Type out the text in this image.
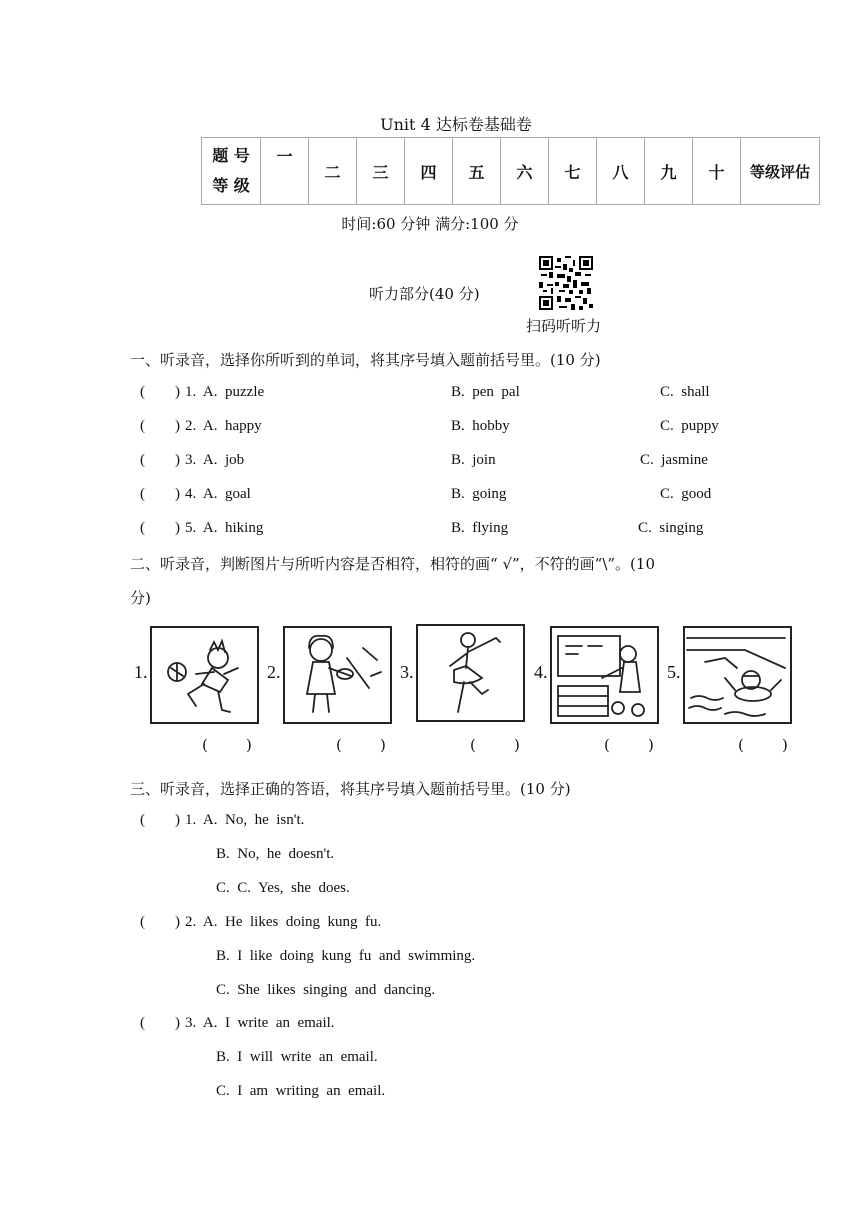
Unit 4 达标卷基础卷
题 号
等 级
	一	二	三	四	五	六	七	八	九	十	等级评估
时间:60 分钟 满分:100 分
听力部分(40 分)
扫码听听力
一、听录音，选择你所听到的单词，将其序号填入题前括号里。(10 分)
(        ) 1.  A.  puzzle	B.  pen  pal	C.  shall
(        ) 2.  A.  happy	B.  hobby	C.  puppy
(        ) 3.  A.  job	B.  join	C.  jasmine
(        ) 4.  A.  goal	B.  going	C.  good
(        ) 5.  A.  hiking	B.  flying	C.  singing
二、听录音，判断图片与所听内容是否相符，相符的画“ √”，不符的画“\”。(10
分)
1.	2.	3.	4.	5.
(        )	(        )	(        )	(        )	(        )
三、听录音，选择正确的答语，将其序号填入题前括号里。(10 分)
(        ) 1.  A.  No,  he  isn't.
B.  No,  he  doesn't.
C.  C.  Yes,  she  does.
(        ) 2.  A.  He  likes  doing  kung  fu.
B.  I  like  doing  kung  fu  and  swimming.
C.  She  likes  singing  and  dancing.
(        ) 3.  A.  I  write  an  email.
B.  I  will  write  an  email.
C.  I  am  writing  an  email.
